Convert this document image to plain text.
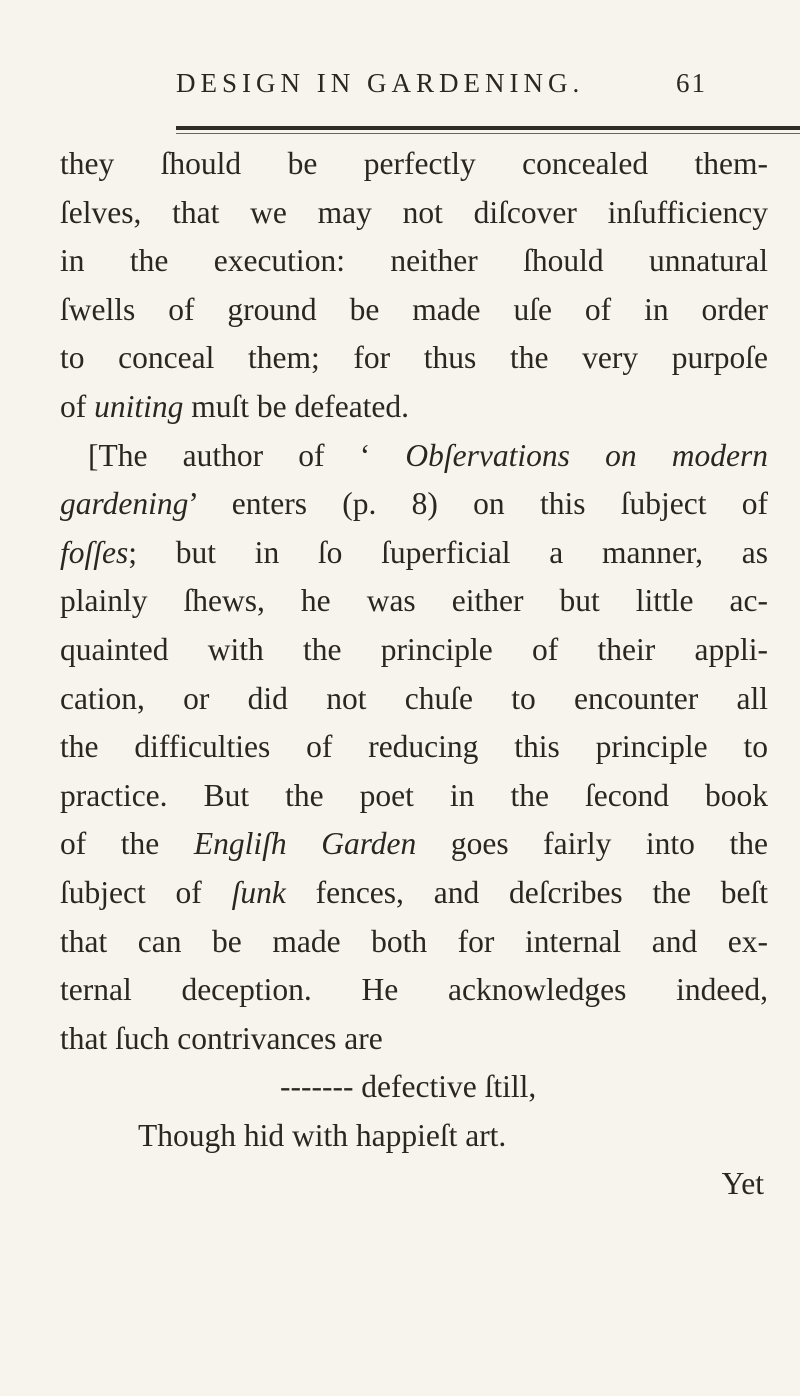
DESIGN IN GARDENING.	61
they ſhould be perfectly concealed them-
ſelves, that we may not diſcover inſufficiency
in the execution: neither ſhould unnatural
ſwells of ground be made uſe of in order
to conceal them; for thus the very purpoſe
of uniting muſt be defeated.
[The author of ‘ Obſervations on modern
gardening’ enters (p. 8) on this ſubject of
foſſes; but in ſo ſuperficial a manner, as
plainly ſhews, he was either but little ac-
quainted with the principle of their appli-
cation, or did not chuſe to encounter all
the difficulties of reducing this principle to
practice. But the poet in the ſecond book
of the Engliſh Garden goes fairly into the
ſubject of ſunk fences, and deſcribes the beſt
that can be made both for internal and ex-
ternal deception. He acknowledges indeed,
that ſuch contrivances are
------- defective ſtill,
Though hid with happieſt art.
Yet
